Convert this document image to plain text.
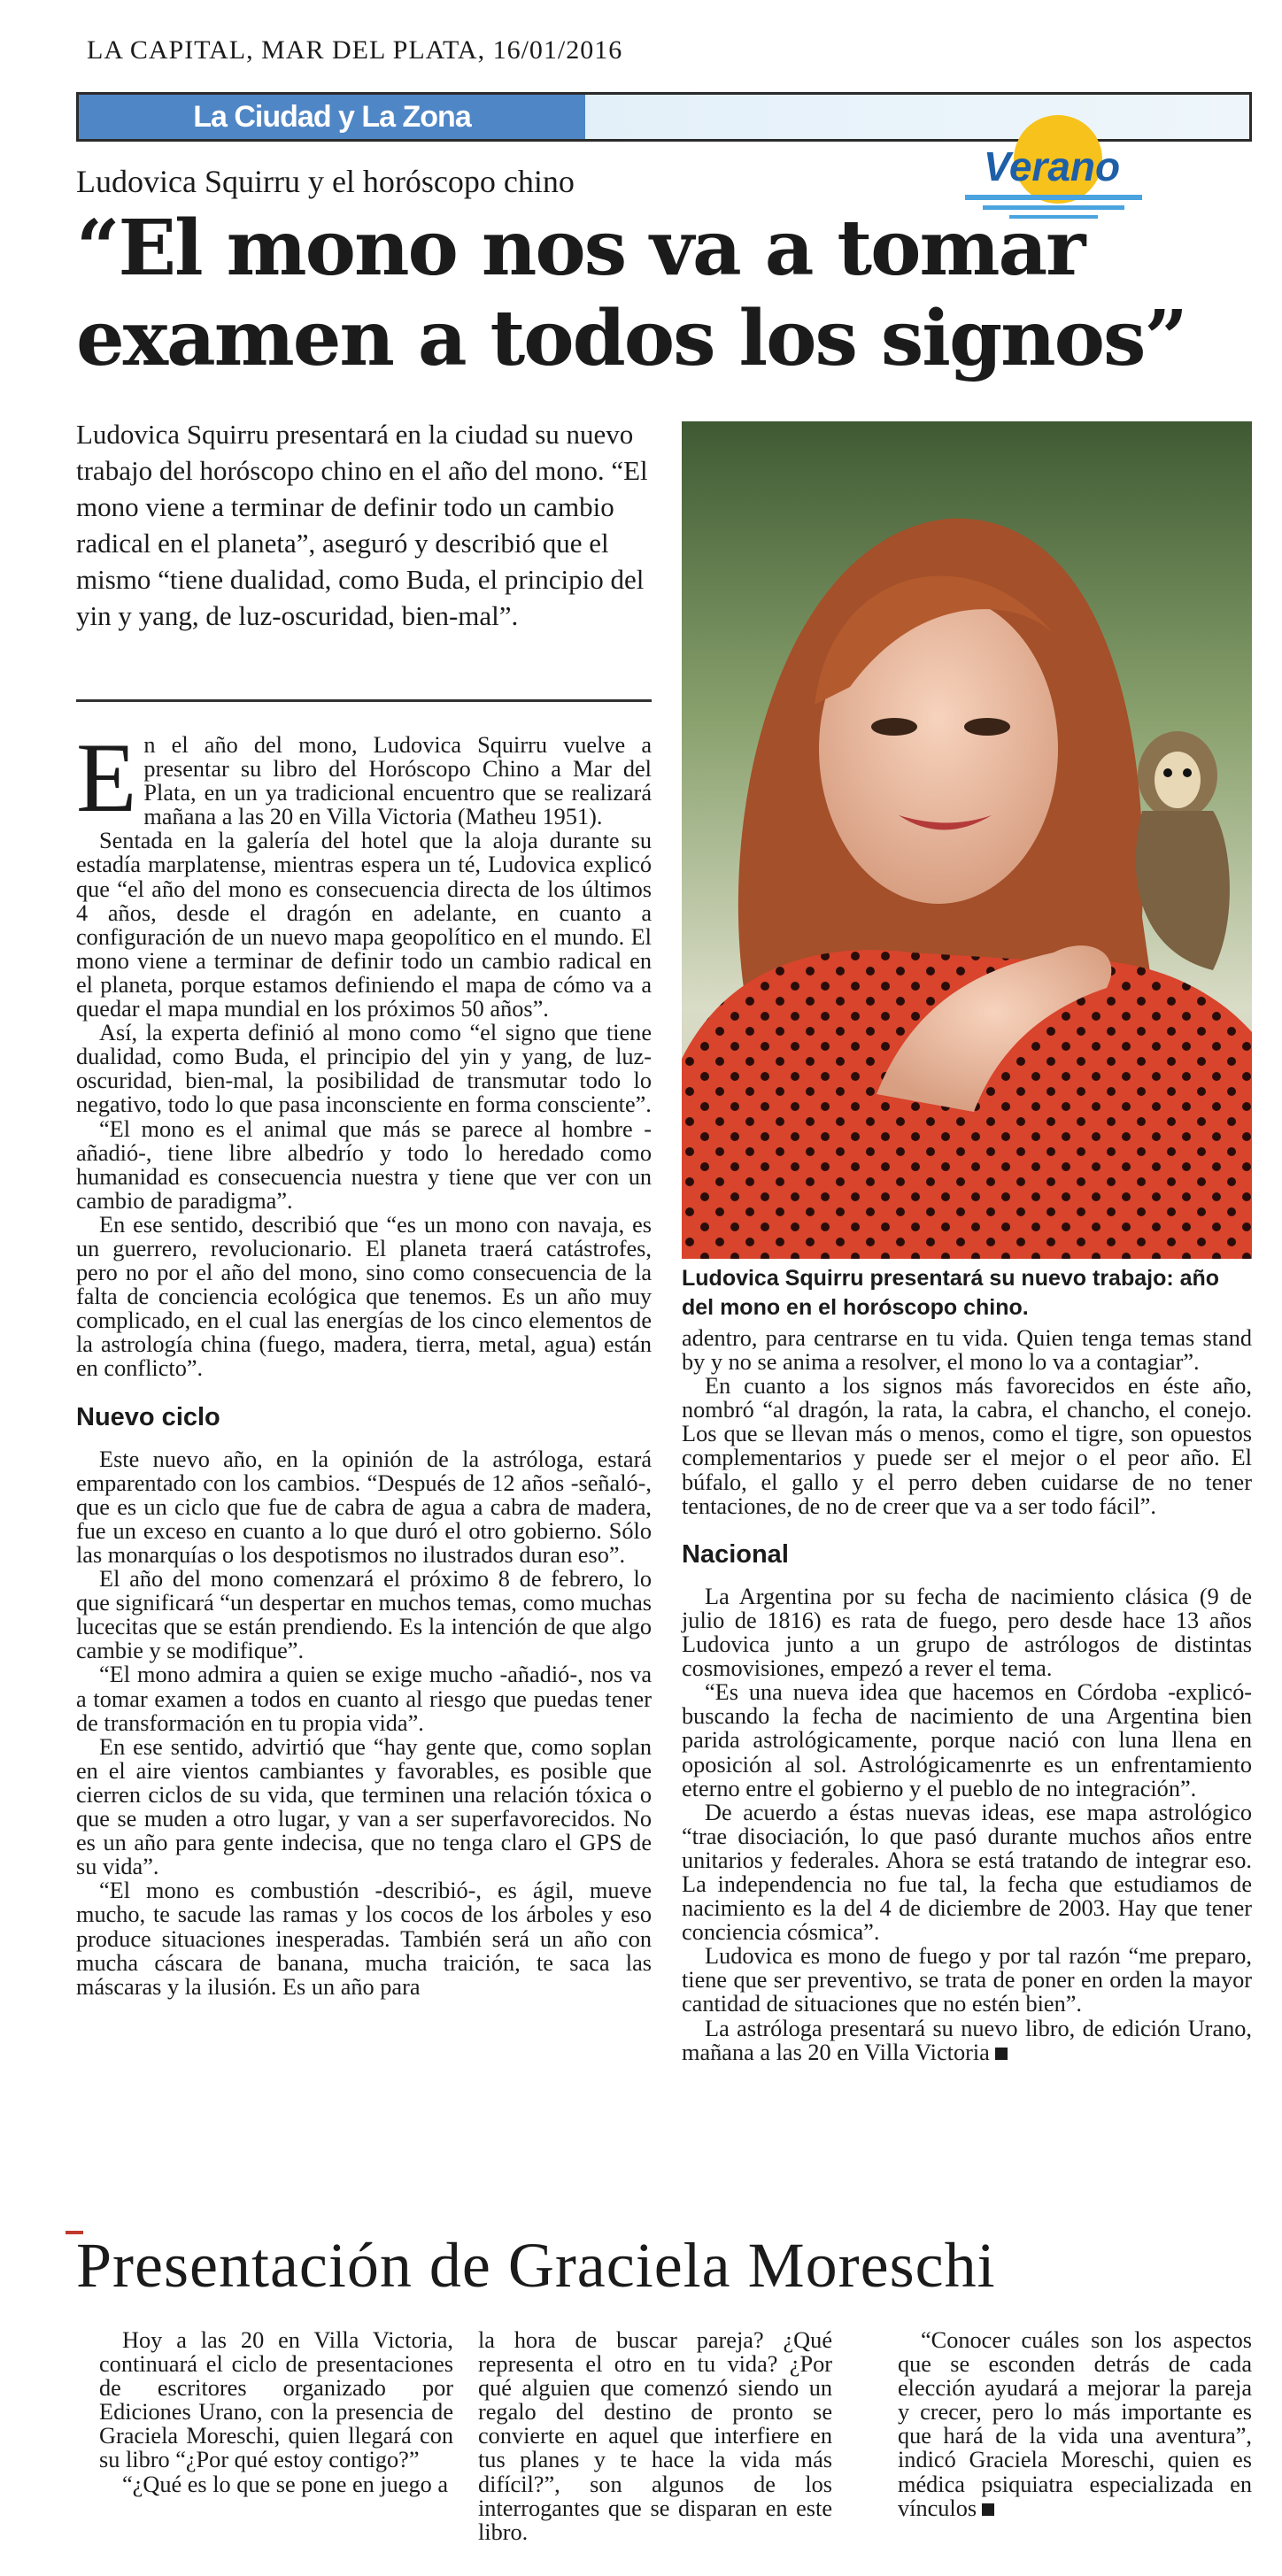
LA CAPITAL, MAR DEL PLATA, 16/01/2016
La Ciudad y La Zona
Verano
Ludovica Squirru y el horóscopo chino
“El mono nos va a tomar examen a todos los signos”
Ludovica Squirru presentará en la ciudad su nuevo trabajo del horóscopo chino en el año del mono. “El mono viene a terminar de definir todo un cambio radical en el planeta”, aseguró y describió que el mismo “tiene dualidad, como Buda, el principio del yin y yang, de luz-oscuridad, bien-mal”.
Ludovica Squirru presentará su nuevo trabajo: año del mono en el horóscopo chino.

En el año del mono, Ludovica Squirru vuelve a presentar su libro del Horóscopo Chino a Mar del Plata, en un ya tradicional encuentro que se realizará mañana a las 20 en Villa Victoria (Matheu 1951).

Sentada en la galería del hotel que la aloja durante su estadía marplatense, mientras espera un té, Ludovica explicó que “el año del mono es consecuencia directa de los últimos 4 años, desde el dragón en adelante, en cuanto a configuración de un nuevo mapa geopolítico en el mundo. El mono viene a terminar de definir todo un cambio radical en el planeta, porque estamos definiendo el mapa de cómo va a quedar el mapa mundial en los próximos 50 años”.

Así, la experta definió al mono como “el signo que tiene dualidad, como Buda, el principio del yin y yang, de luz-oscuridad, bien-mal, la posibilidad de transmutar todo lo negativo, todo lo que pasa inconsciente en forma consciente”.

“El mono es el animal que más se parece al hombre -añadió-, tiene libre albedrío y todo lo heredado como humanidad es consecuencia nuestra y tiene que ver con un cambio de paradigma”.

En ese sentido, describió que “es un mono con navaja, es un guerrero, revolucionario. El planeta traerá catástrofes, pero no por el año del mono, sino como consecuencia de la falta de conciencia ecológica que tenemos. Es un año muy complicado, en el cual las energías de los cinco elementos de la astrología china (fuego, madera, tierra, metal, agua) están en conflicto”.

Nuevo ciclo

Este nuevo año, en la opinión de la astróloga, estará emparentado con los cambios. “Después de 12 años -señaló-, que es un ciclo que fue de cabra de agua a cabra de madera, fue un exceso en cuanto a lo que duró el otro gobierno. Sólo las monarquías o los despotismos no ilustrados duran eso”.

El año del mono comenzará el próximo 8 de febrero, lo que significará “un despertar en muchos temas, como muchas lucecitas que se están prendiendo. Es la intención de que algo cambie y se modifique”.

“El mono admira a quien se exige mucho -añadió-, nos va a tomar examen a todos en cuanto al riesgo que puedas tener de transformación en tu propia vida”.

En ese sentido, advirtió que “hay gente que, como soplan en el aire vientos cambiantes y favorables, es posible que cierren ciclos de su vida, que terminen una relación tóxica o que se muden a otro lugar, y van a ser superfavorecidos. No es un año para gente indecisa, que no tenga claro el GPS de su vida”.

“El mono es combustión -describió-, es ágil, mueve mucho, te sacude las ramas y los cocos de los árboles y eso produce situaciones inesperadas. También será un año con mucha cáscara de banana, mucha traición, te saca las máscaras y la ilusión. Es un año para

adentro, para centrarse en tu vida. Quien tenga temas stand by y no se anima a resolver, el mono lo va a contagiar”.

En cuanto a los signos más favorecidos en éste año, nombró “al dragón, la rata, la cabra, el chancho, el conejo. Los que se llevan más o menos, como el tigre, son opuestos complementarios y puede ser el mejor o el peor año. El búfalo, el gallo y el perro deben cuidarse de no tener tentaciones, de no de creer que va a ser todo fácil”.

Nacional

La Argentina por su fecha de nacimiento clásica (9 de julio de 1816) es rata de fuego, pero desde hace 13 años Ludovica junto a un grupo de astrólogos de distintas cosmovisiones, empezó a rever el tema.

“Es una nueva idea que hacemos en Córdoba -explicó- buscando la fecha de nacimiento de una Argentina bien parida astrológicamente, porque nació con luna llena en oposición al sol. Astrológicamenrte es un enfrentamiento eterno entre el gobierno y el pueblo de no integración”.

De acuerdo a éstas nuevas ideas, ese mapa astrológico “trae disociación, lo que pasó durante muchos años entre unitarios y federales. Ahora se está tratando de integrar eso. La independencia no fue tal, la fecha que estudiamos de nacimiento es la del 4 de diciembre de 2003. Hay que tener conciencia cósmica”.

Ludovica es mono de fuego y por tal razón “me preparo, tiene que ser preventivo, se trata de poner en orden la mayor cantidad de situaciones que no estén bien”.

La astróloga presentará su nuevo libro, de edición Urano, mañana a las 20 en Villa Victoria

Presentación de Graciela Moreschi

Hoy a las 20 en Villa Victoria, continuará el ciclo de presentaciones de escritores organizado por Ediciones Urano, con la presencia de Graciela Moreschi, quien llegará con su libro “¿Por qué estoy contigo?”

“¿Qué es lo que se pone en juego a

la hora de buscar pareja? ¿Qué representa el otro en tu vida? ¿Por qué alguien que comenzó siendo un regalo del destino de pronto se convierte en aquel que interfiere en tus planes y te hace la vida más difícil?”, son algunos de los interrogantes que se disparan en este libro.

“Conocer cuáles son los aspectos que se esconden detrás de cada elección ayudará a mejorar la pareja y crecer, pero lo más importante es que hará de la vida una aventura”, indicó Graciela Moreschi, quien es médica psiquiatra especializada en vínculos
